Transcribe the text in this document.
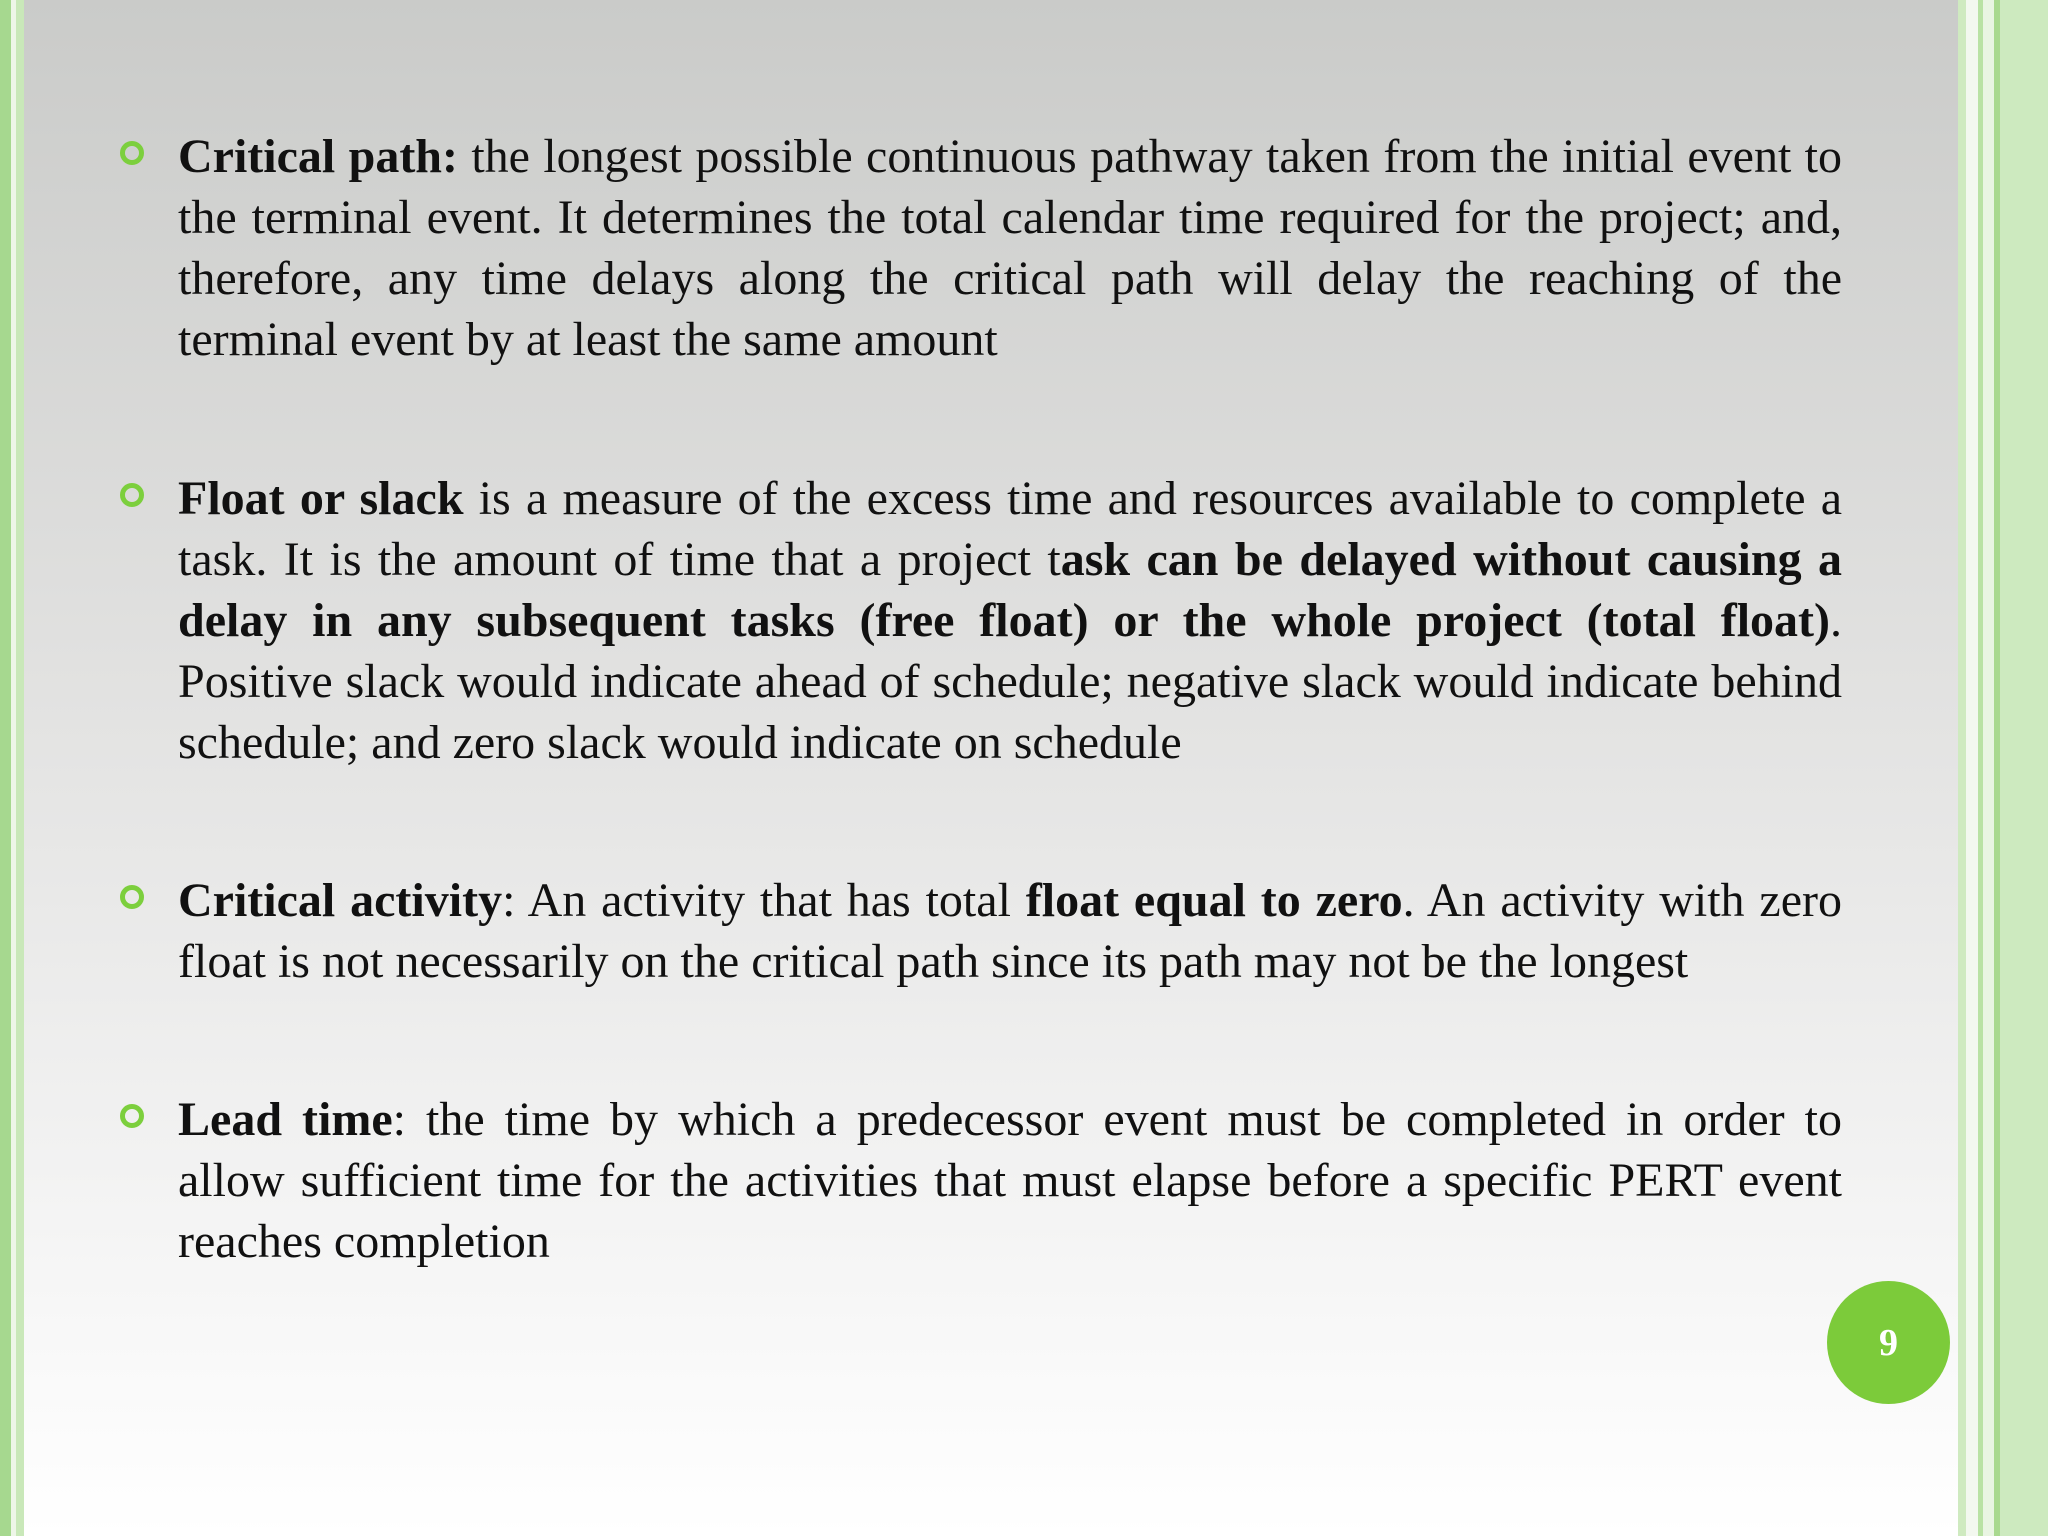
Critical path: the longest possible continuous pathway taken from the initial event to the terminal event. It determines the total calendar time required for the project; and, therefore, any time delays along the critical path will delay the reaching of the terminal event by at least the same amount
Float or slack is a measure of the excess time and resources available to complete a task. It is the amount of time that a project task can be delayed without causing a delay in any subsequent tasks (free float) or the whole project (total float). Positive slack would indicate ahead of schedule; negative slack would indicate behind schedule; and zero slack would indicate on schedule
Critical activity: An activity that has total float equal to zero. An activity with zero float is not necessarily on the critical path since its path may not be the longest
Lead time: the time by which a predecessor event must be completed in order to allow sufficient time for the activities that must elapse before a specific PERT event reaches completion
9
